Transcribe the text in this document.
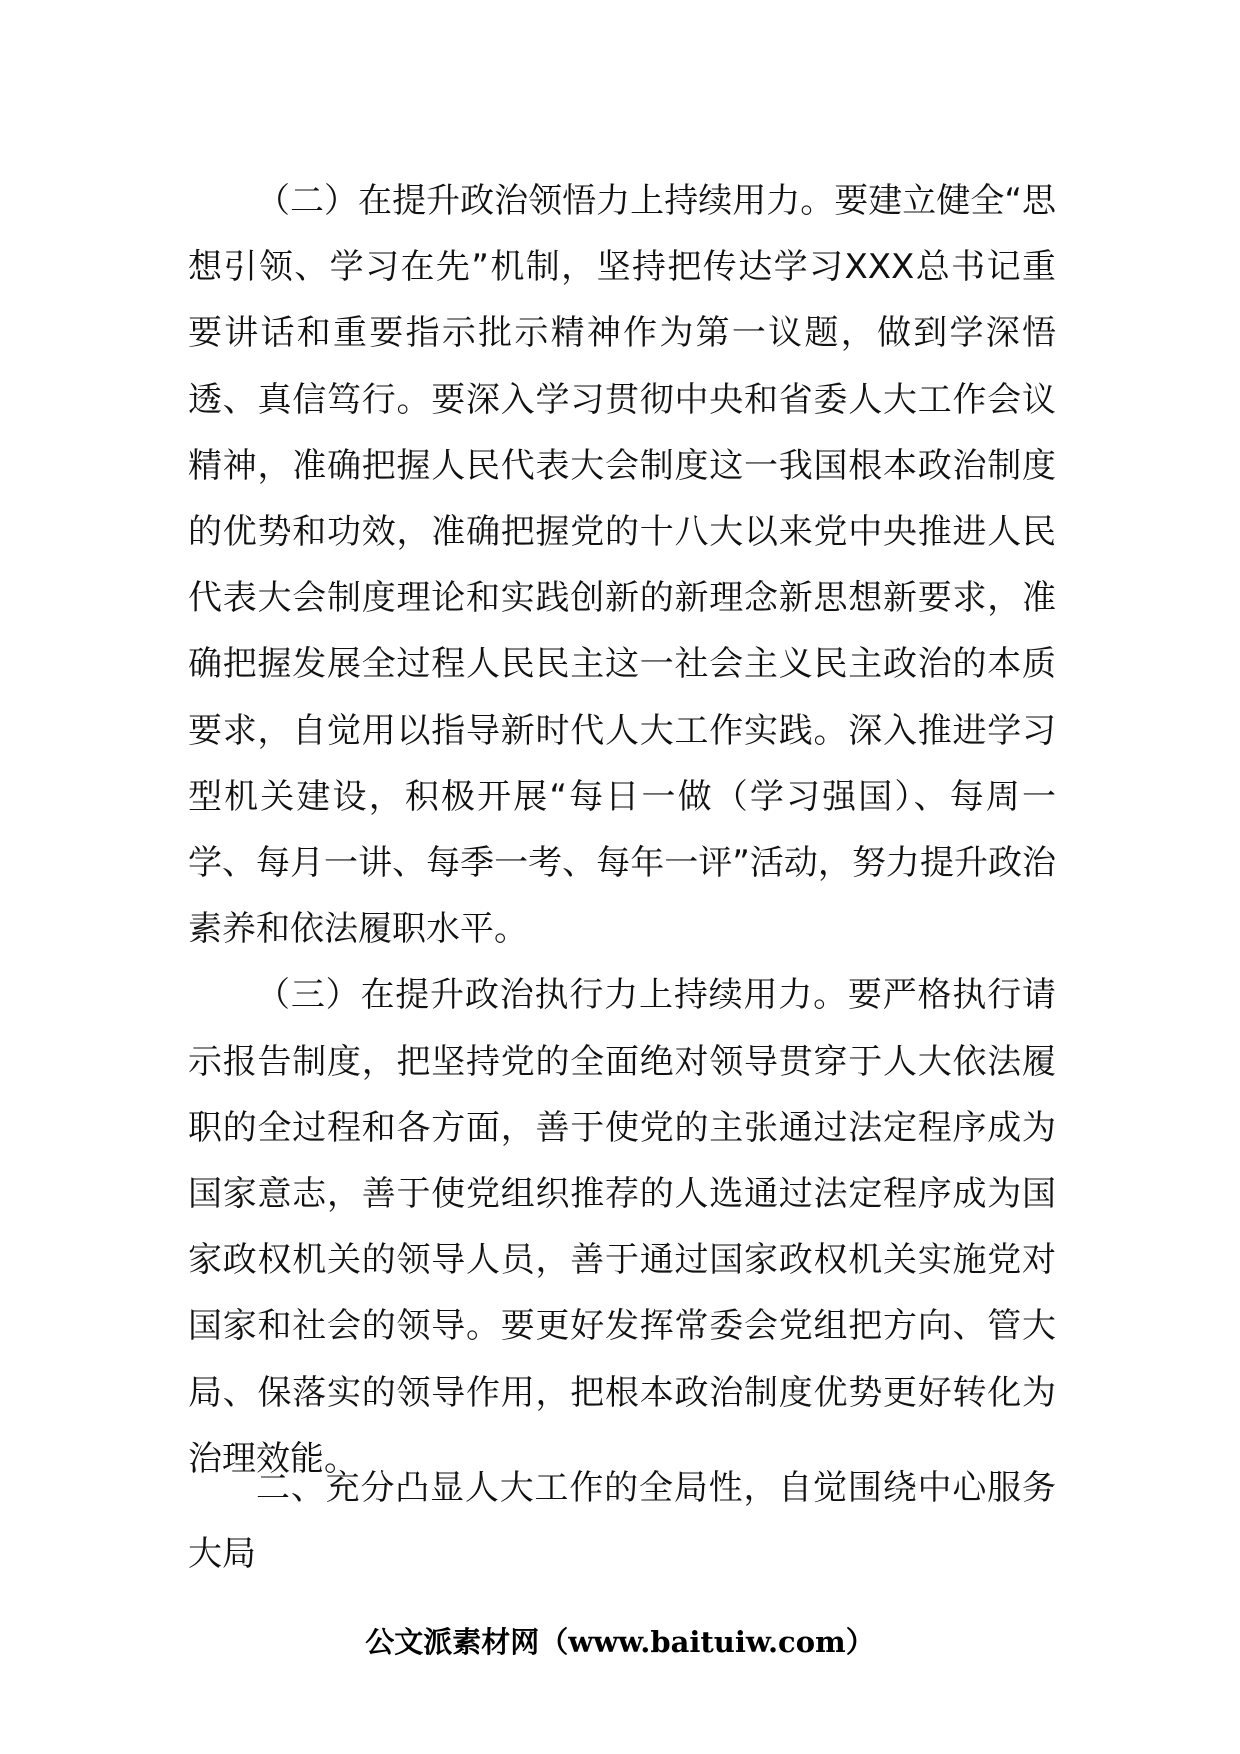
（二）在提升政治领悟力上持续用力。要建立健全“思想引领、学习在先”机制，坚持把传达学习XXX总书记重要讲话和重要指示批示精神作为第一议题，做到学深悟透、真信笃行。要深入学习贯彻中央和省委人大工作会议精神，准确把握人民代表大会制度这一我国根本政治制度的优势和功效，准确把握党的十八大以来党中央推进人民代表大会制度理论和实践创新的新理念新思想新要求，准确把握发展全过程人民民主这一社会主义民主政治的本质要求，自觉用以指导新时代人大工作实践。深入推进学习型机关建设，积极开展“每日一做（学习强国）、每周一学、每月一讲、每季一考、每年一评”活动，努力提升政治素养和依法履职水平。

（三）在提升政治执行力上持续用力。要严格执行请示报告制度，把坚持党的全面绝对领导贯穿于人大依法履职的全过程和各方面，善于使党的主张通过法定程序成为国家意志，善于使党组织推荐的人选通过法定程序成为国家政权机关的领导人员，善于通过国家政权机关实施党对国家和社会的领导。要更好发挥常委会党组把方向、管大局、保落实的领导作用，把根本政治制度优势更好转化为治理效能。

二、充分凸显人大工作的全局性，自觉围绕中心服务大局

公文派素材网（www.baituiw.com）
